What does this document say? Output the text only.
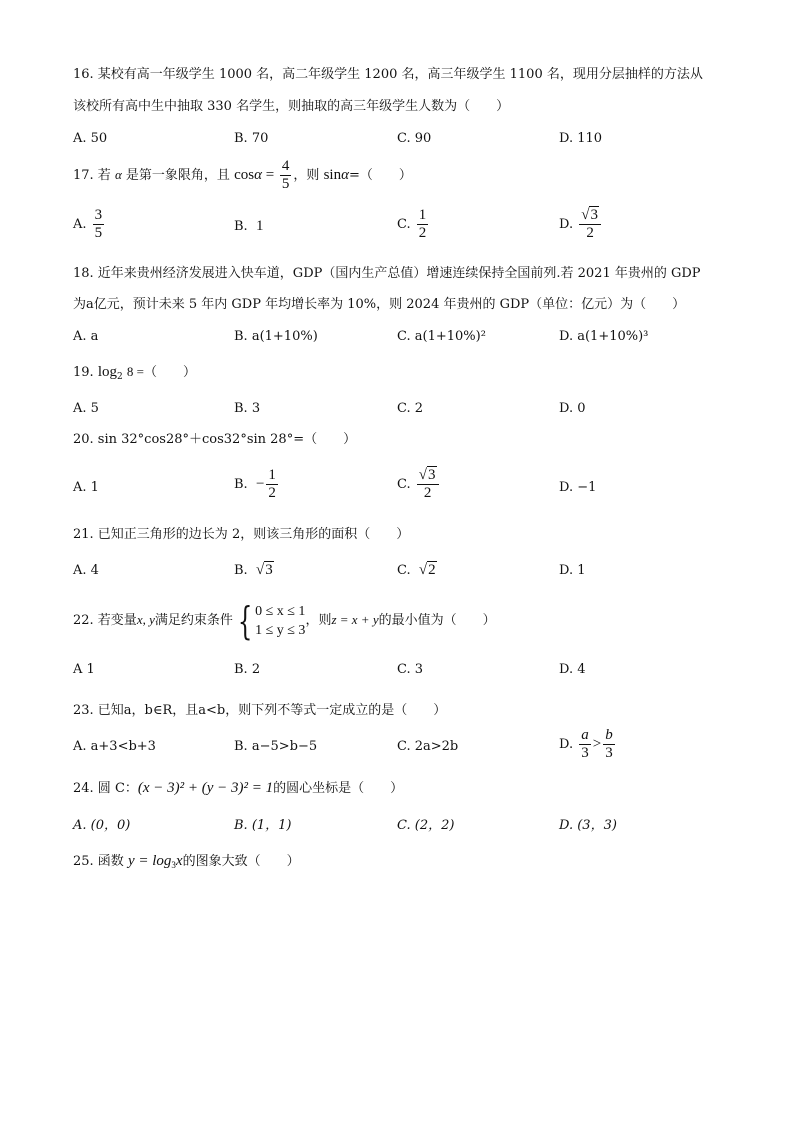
16. 某校有高一年级学生 1000 名，高二年级学生 1200 名，高三年级学生 1100 名，现用分层抽样的方法从
该校所有高中生中抽取 330 名学生，则抽取的高三年级学生人数为（　　）
A. 50	B. 70	C. 90	D. 110
17. 若 α 是第一象限角，且 $\cos\alpha = \frac{4}{5}$ ，则 sinα=（　　）
A. $\frac{3}{5}$	B. 1	C. $\frac{1}{2}$	D. $\frac{√3}{2}$
18. 近年来贵州经济发展进入快车道，GDP（国内生产总值）增速连续保持全国前列.若 2021 年贵州的 GDP
为a亿元，预计未来 5 年内 GDP 年均增长率为 10%，则 2024 年贵州的 GDP（单位：亿元）为（　　）
A. a	B. a(1+10%)	C. a(1+10%)²	D. a(1+10%)³
19. $\log_2 8$ =（　　）
A. 5	B. 3	C. 2	D. 0
20. sin 32°cos28°＋cos32°sin 28°=（　　）
A. 1	B. − $\frac{1}{2}$	C. $\frac{√3}{2}$	D. −1
21. 已知正三角形的边长为 2，则该三角形的面积（　　）
A. 4	B. √3	C. √2	D. 1
22. 若变量x, y满足约束条件 { 0 ≤ x ≤ 1
1 ≤ y ≤ 3
，则z = x + y的最小值为（　　）
A 1	B. 2	C. 3	D. 4
23. 已知a，b∈R，且a<b，则下列不等式一定成立的是（　　）
A. a+3<b+3	B. a−5>b−5	C. 2a>2b	D. $\frac{a}{3} > \frac{b}{3}$
24. 圆 C：(x − 3)² + (y − 3)² = 1的圆心坐标是（　　）
A. (0，0)	B. (1，1)	C. (2，2)	D. (3，3)
25. 函数 $y = \log_3x$的图象大致（　　）
